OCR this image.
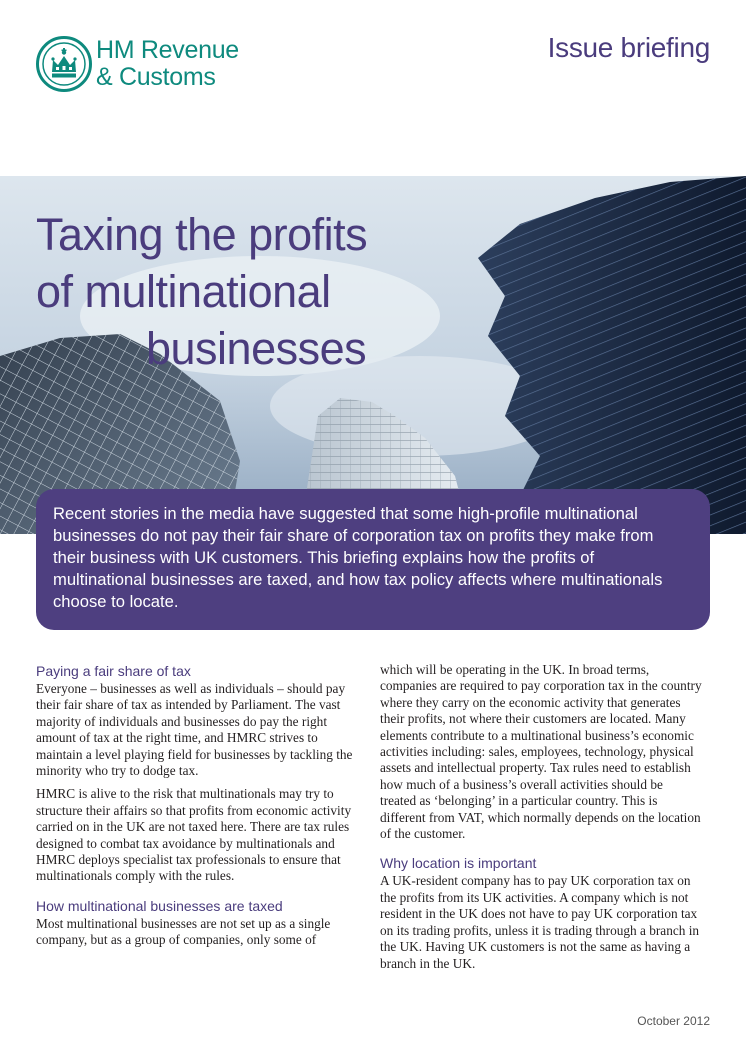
HM Revenue
& Customs
Issue briefing
Taxing the profits
of multinational
businesses

Recent stories in the media have suggested that some high-profile multinational businesses do not pay their fair share of corporation tax on profits they make from their business with UK customers. This briefing explains how the profits of multinational businesses are taxed, and how tax policy affects where multinationals choose to locate.

Paying a fair share of tax

Everyone – businesses as well as individuals – should pay their fair share of tax as intended by Parliament. The vast majority of individuals and businesses do pay the right amount of tax at the right time, and HMRC strives to maintain a level playing field for businesses by tackling the minority who try to dodge tax.

HMRC is alive to the risk that multinationals may try to structure their affairs so that profits from economic activity carried on in the UK are not taxed here. There are tax rules designed to combat tax avoidance by multinationals and HMRC deploys specialist tax professionals to ensure that multinationals comply with the rules.

How multinational businesses are taxed

Most multinational businesses are not set up as a single company, but as a group of companies, only some of

which will be operating in the UK. In broad terms, companies are required to pay corporation tax in the country where they carry on the economic activity that generates their profits, not where their customers are located. Many elements contribute to a multinational business’s economic activities including: sales, employees, technology, physical assets and intellectual property. Tax rules need to establish how much of a business’s overall activities should be treated as ‘belonging’ in a particular country. This is different from VAT, which normally depends on the location of the customer.

Why location is important

A UK-resident company has to pay UK corporation tax on the profits from its UK activities. A company which is not resident in the UK does not have to pay UK corporation tax on its trading profits, unless it is trading through a branch in the UK. Having UK customers is not the same as having a branch in the UK.

October 2012
